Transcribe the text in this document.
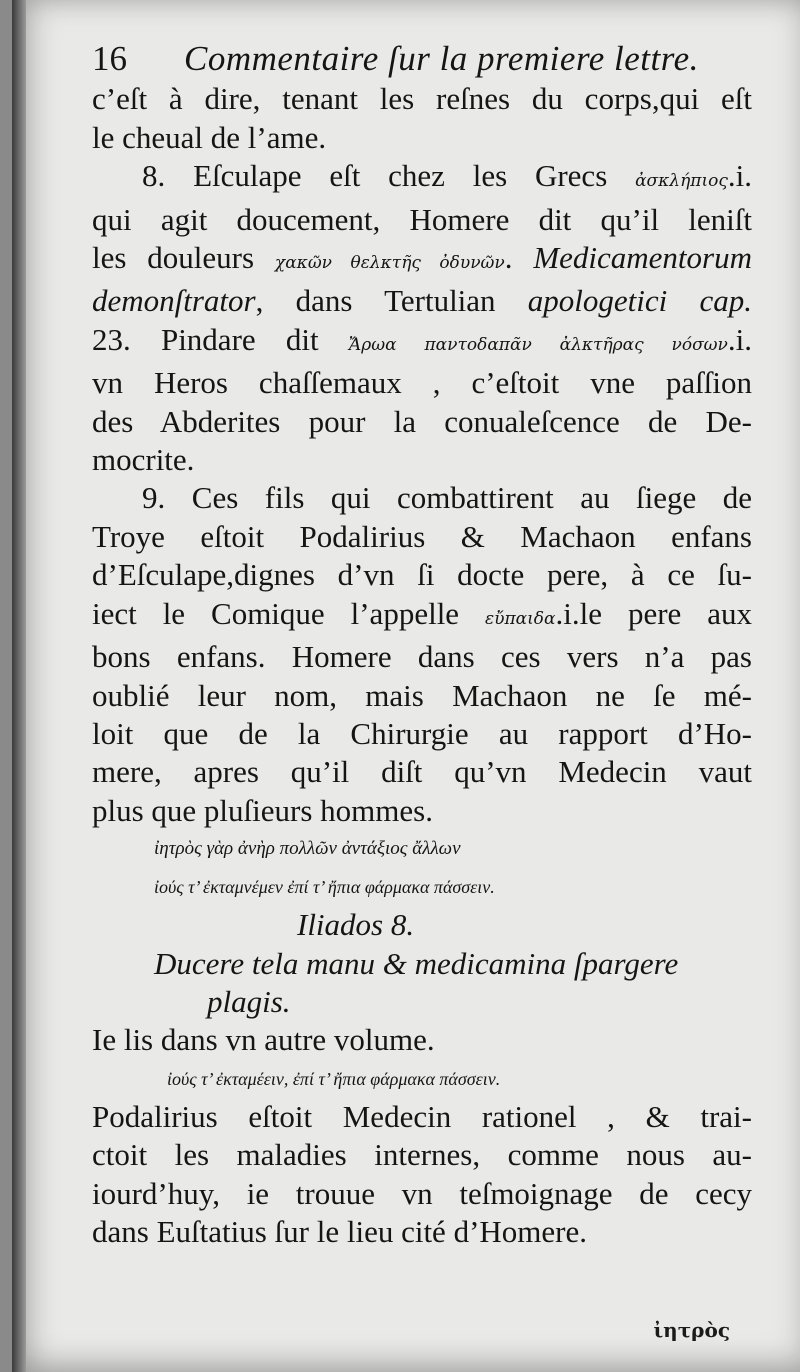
16	Commentaire ſur la premiere lettre.
c’eſt à dire, tenant les reſnes du corps,qui eſt
le cheual de l’ame.
8. Eſculape eſt chez les Grecs ἀσκλήπιος.i.
qui agit doucement, Homere dit qu’il leniſt
les douleurs χακῶν θελκτῆς ὀδυνῶν. Medicamentorum
demonſtrator, dans Tertulian apologetici cap.
23. Pindare dit Ἄρωα παντοδαπᾶν ἀλκτῆρας νόσων.i.
vn Heros chaſſemaux , c’eſtoit vne paſſion
des Abderites pour la conualeſcence de De-
mocrite.
9. Ces fils qui combattirent au ſiege de
Troye eſtoit Podalirius & Machaon enfans
d’Eſculape,dignes d’vn ſi docte pere, à ce ſu-
iect le Comique l’appelle εὔπαιδα.i.le pere aux
bons enfans. Homere dans ces vers n’a pas
oublié leur nom, mais Machaon ne ſe mé-
loit que de la Chirurgie au rapport d’Ho-
mere, apres qu’il diſt qu’vn Medecin vaut
plus que pluſieurs hommes.
ἰητρὸς γὰρ ἀνὴρ πολλῶν ἀντάξιος ἄλλων
ἰούς τ’ ἐκταμνέμεν ἐπί τ’ ἤπια φάρμακα πάσσειν.
Iliados 8.
Ducere tela manu & medicamina ſpargere
plagis.
Ie lis dans vn autre volume.
ἰούς τ’ ἐκταμέειν, ἐπί τ’ ἤπια φάρμακα πάσσειν.
Podalirius eſtoit Medecin rationel , & trai-
ctoit les maladies internes, comme nous au-
iourd’huy, ie trouue vn teſmoignage de cecy
dans Euſtatius ſur le lieu cité d’Homere.
ἰητρὸς
